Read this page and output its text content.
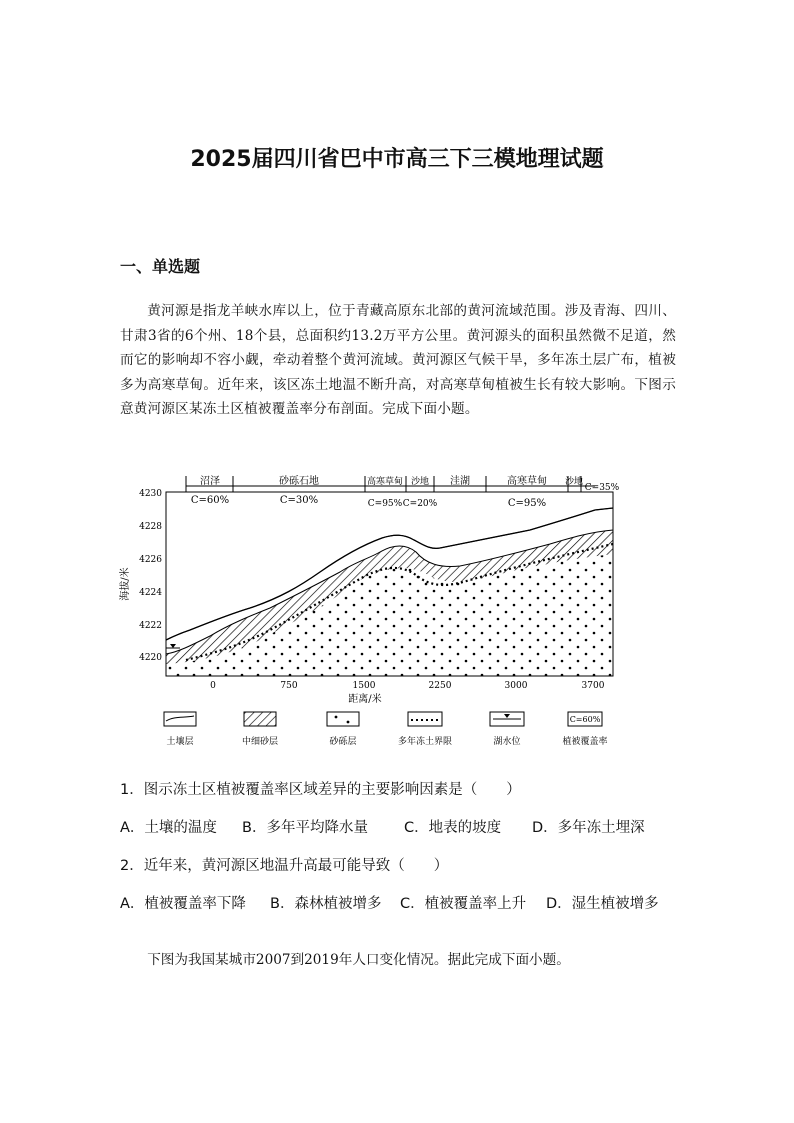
2025届四川省巴中市高三下三模地理试题
一、单选题
黄河源是指龙羊峡水库以上，位于青藏高原东北部的黄河流域范围。涉及青海、四川、甘肃3省的6个州、18个县，总面积约13.2万平方公里。黄河源头的面积虽然微不足道，然而它的影响却不容小觑，牵动着整个黄河流域。黄河源区气候干旱，多年冻土层广布，植被多为高寒草甸。近年来，该区冻土地温不断升高，对高寒草甸植被生长有较大影响。下图示意黄河源区某冻土区植被覆盖率分布剖面。完成下面小题。
沼泽
C=60%
砂砾石地
C=30%
高寒草甸
C=95%
沙地
C=20%
洼湖	高寒草甸
C=95%
沙地
C=35%
4230
4228
4226
4224
4222
4220
海拔/米
0	750	1500	2250	3000	3700
距离/米
土壤层	中细砂层	砂砾层	多年冻土界限	湖水位
C=60%
植被覆盖率
1．图示冻土区植被覆盖率区域差异的主要影响因素是（　　）
A．土壤的温度	B．多年平均降水量	C．地表的坡度	D．多年冻土埋深
2．近年来，黄河源区地温升高最可能导致（　　）
A．植被覆盖率下降	B．森林植被增多	C．植被覆盖率上升	D．湿生植被增多
下图为我国某城市2007到2019年人口变化情况。据此完成下面小题。
